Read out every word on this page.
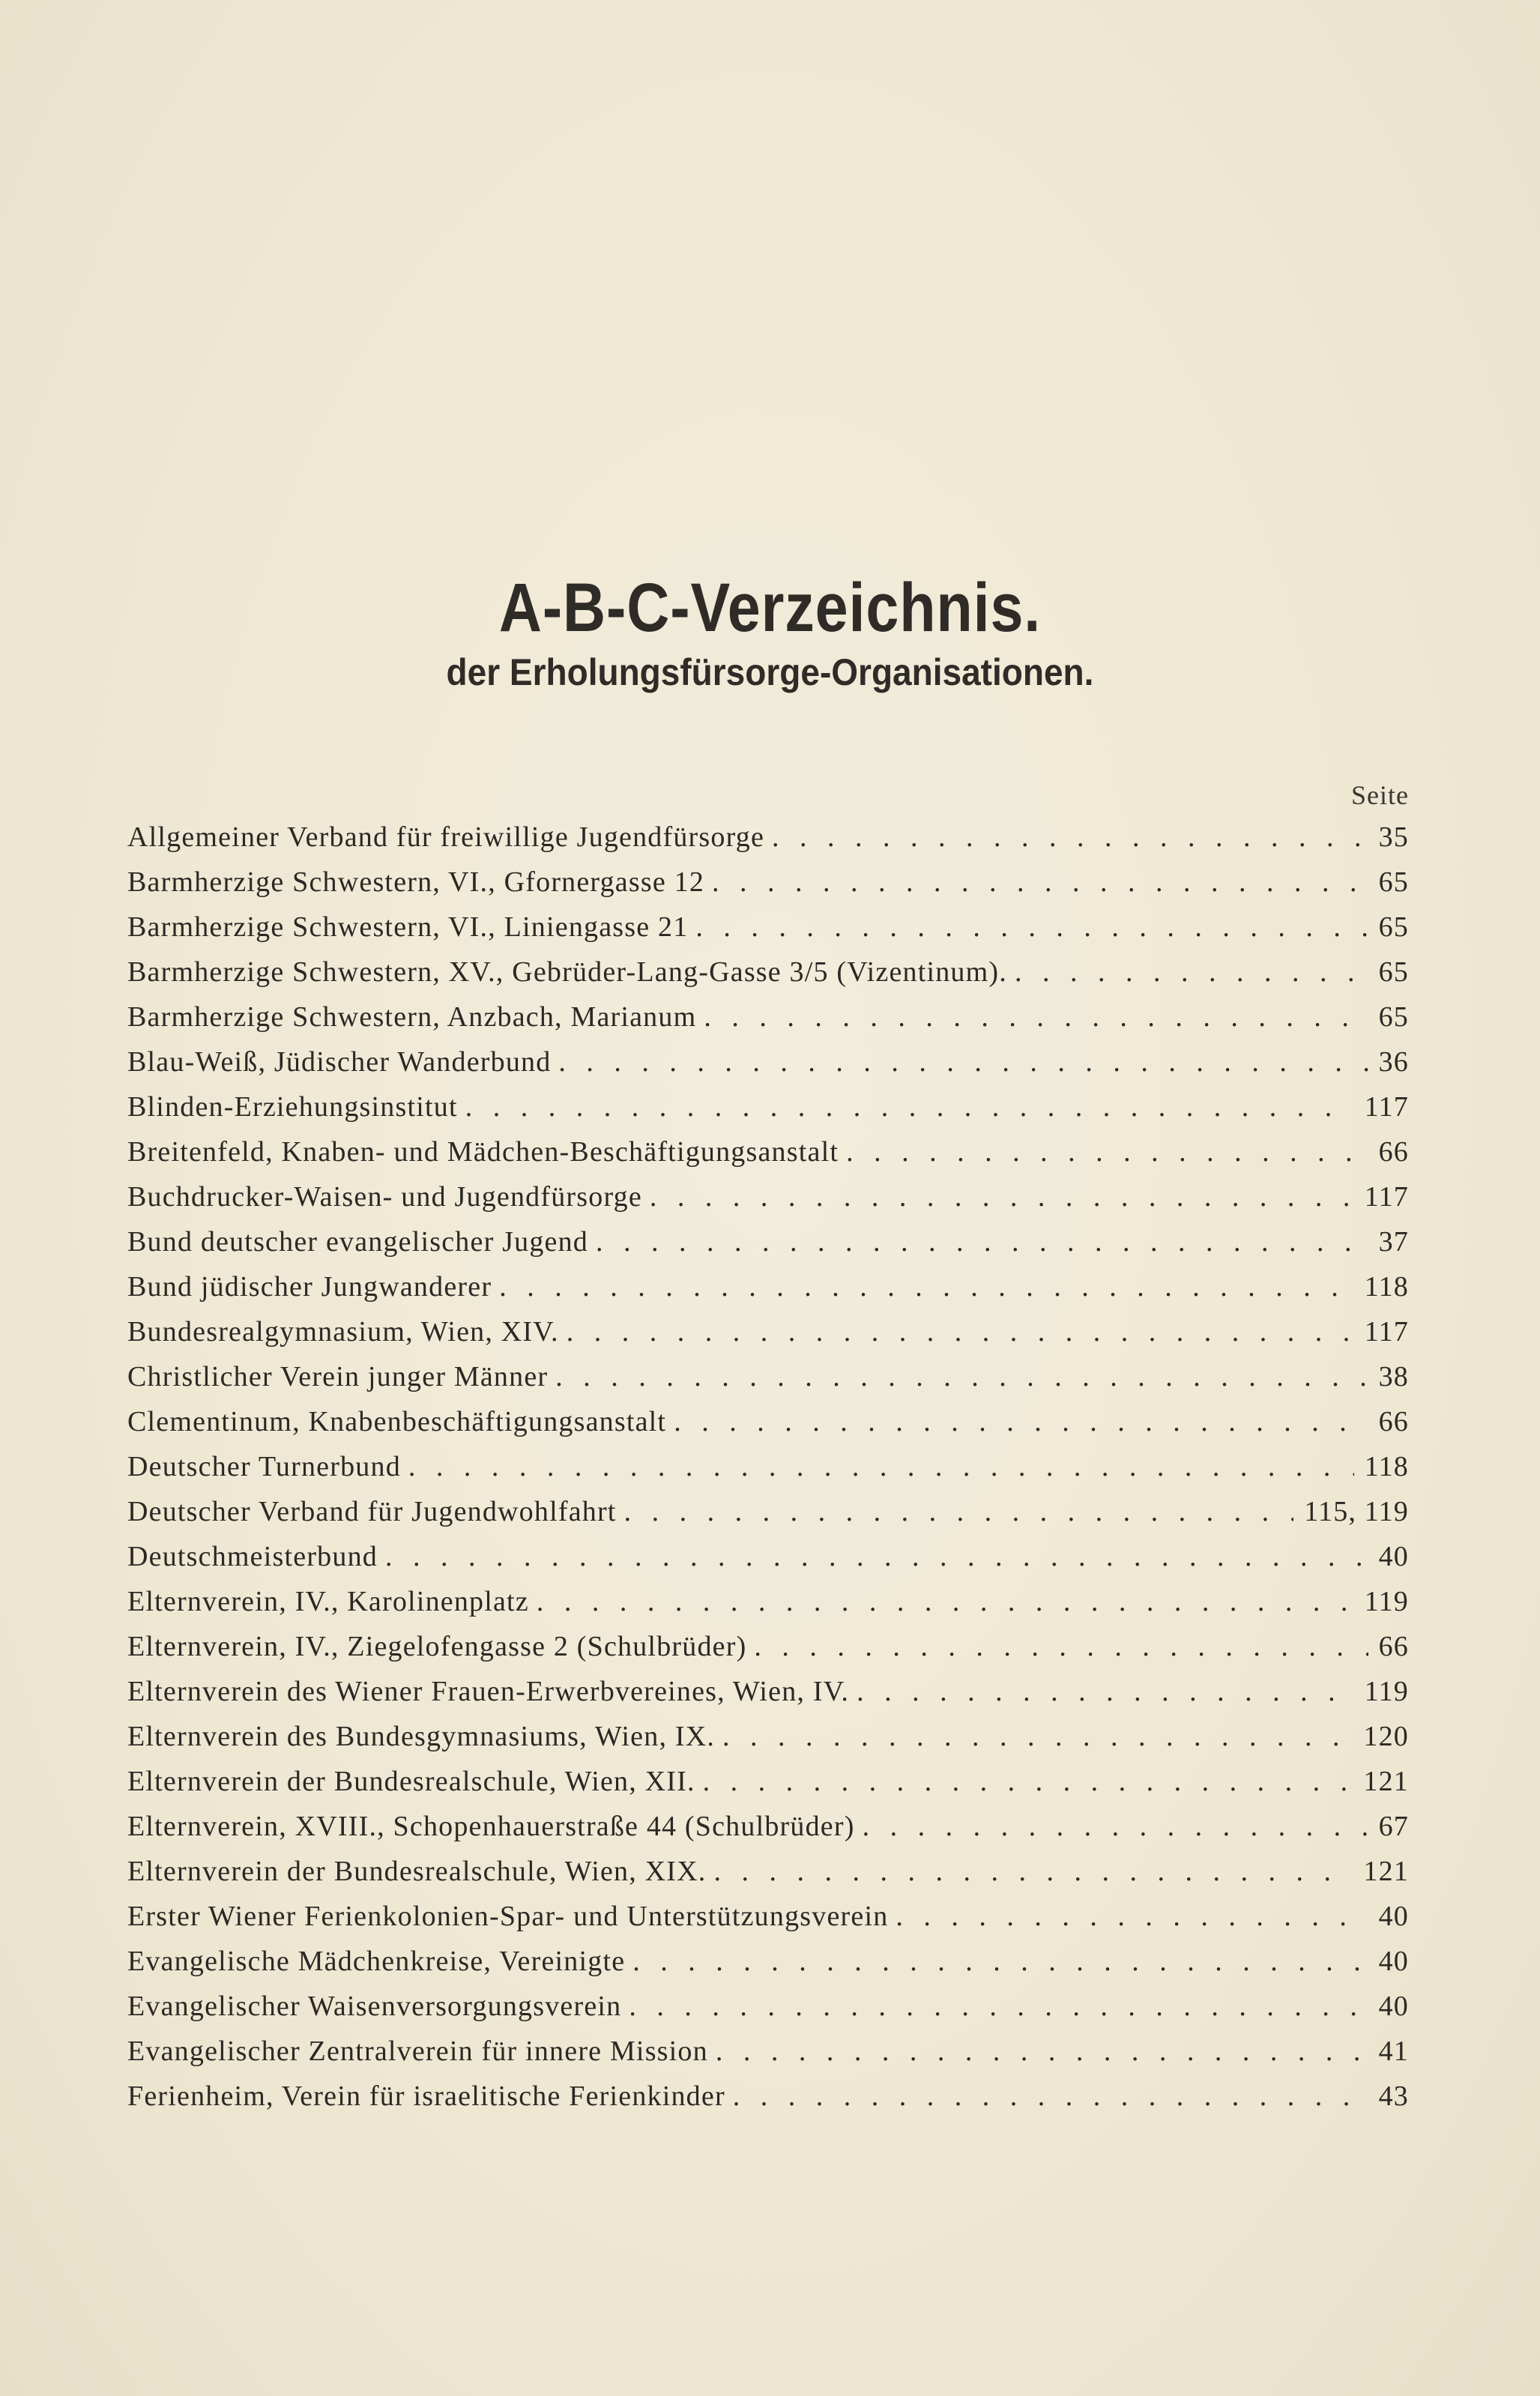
A-B-C-Verzeichnis.
der Erholungsfürsorge-Organisationen.
Seite
Allgemeiner Verband für freiwillige Jugendfürsorge . . .	35
Barmherzige Schwestern, VI., Gfornergasse 12 . . .	65
Barmherzige Schwestern, VI., Liniengasse 21 . . .	65
Barmherzige Schwestern, XV., Gebrüder-Lang-Gasse 3/5 (Vizentinum). . . .	65
Barmherzige Schwestern, Anzbach, Marianum . . .	65
Blau-Weiß, Jüdischer Wanderbund . . .	36
Blinden-Erziehungsinstitut . . .	117
Breitenfeld, Knaben- und Mädchen-Beschäftigungsanstalt . . .	66
Buchdrucker-Waisen- und Jugendfürsorge . . .	117
Bund deutscher evangelischer Jugend . . .	37
Bund jüdischer Jungwanderer . . .	118
Bundesrealgymnasium, Wien, XIV. . . .	117
Christlicher Verein junger Männer . . .	38
Clementinum, Knabenbeschäftigungsanstalt . . .	66
Deutscher Turnerbund . . .	118
Deutscher Verband für Jugendwohlfahrt . . .	115, 119
Deutschmeisterbund . . .	40
Elternverein, IV., Karolinenplatz . . .	119
Elternverein, IV., Ziegelofengasse 2 (Schulbrüder) . . .	66
Elternverein des Wiener Frauen-Erwerbvereines, Wien, IV. . . .	119
Elternverein des Bundesgymnasiums, Wien, IX. . . .	120
Elternverein der Bundesrealschule, Wien, XII. . . .	121
Elternverein, XVIII., Schopenhauerstraße 44 (Schulbrüder) . . .	67
Elternverein der Bundesrealschule, Wien, XIX. . . .	121
Erster Wiener Ferienkolonien-Spar- und Unterstützungsverein . . .	40
Evangelische Mädchenkreise, Vereinigte . . .	40
Evangelischer Waisenversorgungsverein . . .	40
Evangelischer Zentralverein für innere Mission . . .	41
Ferienheim, Verein für israelitische Ferienkinder . . .	43
